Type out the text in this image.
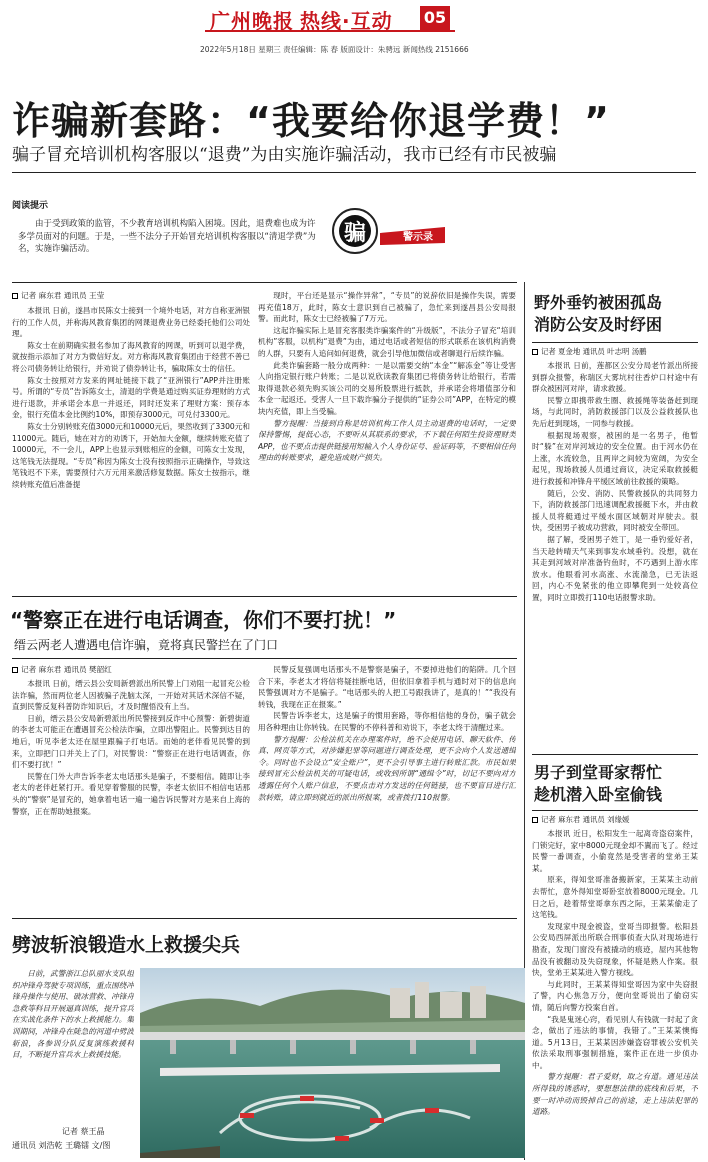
广州晚报 热线·互动 05
2022年5月18日 星期三 责任编辑：陈 春 版面设计：朱骋远 新闻热线 2151666
诈骗新套路：“我要给你退学费！”
骗子冒充培训机构客服以“退费”为由实施诈骗活动，我市已经有市民被骗
阅读提示
由于受到政策的监管，不少教育培训机构陷入困境。因此，退费难也成为许多学员面对的问题。于是，一些不法分子开始冒充培训机构客服以“清退学费”为名，实施诈骗活动。
骗	警示录
记者 麻东君 通讯员 王莹

本报讯 日前，遂昌市民陈女士接到一个境外电话，对方自称亚洲银行的工作人员，并称海风教育集团的网课退费业务已经委托他们公司处理。

陈女士在前期确实报名参加了海风教育的网课，听到可以退学费，就按指示添加了对方为微信好友。对方称海风教育集团由于经营不善已将公司债务转让给银行，并劝说了债券转让书，骗取陈女士的信任。

陈女士按照对方发来的网址链接下载了“亚洲银行”APP并注册账号。所谓的“专员”告诉陈女士，清退的学费是通过购买证券理财的方式进行退款，并承诺会本息一并返还，同时还发来了理财方案：预存本金，银行充值本金比例约10%，即预存3000元，可兑付3300元。

陈女士分别转账充值3000元和10000元后，果然收到了3300元和11000元。随后，她在对方的劝诱下，开始加大金额，继续转账充值了10000元，不一会儿，APP上也显示到账相应的金额，可陈女士发现，这笔钱无法提现。“专员”称因为陈女士没有按照指示正确操作，导致这笔钱迟不下来，需要预付六万元用来激活修复数据。陈女士按指示，继续转账充值后准备提

现时，平台还是显示“操作异常”，“专员”的说辞依旧是操作失误，需要再充值18万，此时，陈女士意识到自己被骗了，急忙来到遂昌县公安局报警。而此时，陈女士已经被骗了7万元。

这起诈骗实际上是冒充客服类诈骗案件的“升级版”，不法分子冒充“培训机构”客服，以机构“退费”为由，通过电话或者短信的形式联系在该机构消费的人群，只要有人追问如何退费，就会引导他加微信或者聊退行后续诈骗。

此类诈骗套路一般分成两种：一是以需要交纳“本金”“解冻金”等让受害人向指定银行账户转账；二是以说欣读教育集团已将债务转让给银行，若需取得退款必须先购买该公司的交易所股票进行抵款，并承诺会将增值部分和本金一起返还。受害人一旦下载诈骗分子提供的“证券公司”APP，在特定的模块内充值，即上当受骗。

警方提醒：当接到自称是培训机构工作人员主动退费的电话时，一定要保持警惕，提低心态，不要听从其联系的要求，不下载任何陌生投资理财类APP，也不要点击提供链接用短输入个人身份证号、验证码等，不要相信任何理由的转账要求，避免造成财产损失。

“警察正在进行电话调查，你们不要打扰！”
缙云两老人遭遇电信诈骗，竟将真民警拦在了门口
记者 麻东君 通讯员 樊韶红

本报讯 日前，缙云县公安局新碧派出所民警上门劝阻一起冒充公检法诈骗，然而两位老人因被骗子洗脑太深，一开始对其话术深信不疑，直到民警反复科普防诈知识后，才及时醒悟没有上当。

日前，缙云县公安局新碧派出所民警接到反诈中心预警：新碧街道的李老太可能正在遭遇冒充公检法诈骗，立即出警阻止。民警到达目的地后，听见李老太还在屋里跟骗子打电话。而她的老伴看见民警的到来，立即把门口并关上了门，对民警说：“警察正在进行电话调查，你们不要打扰！”

民警在门外大声告诉李老太电话那头是骗子，不要相信。随即让李老太的老伴赶紧打开。看见穿着警服的民警，李老太依旧不相信电话那头的“警察”是冒充的，她拿着电话一遍一遍告诉民警对方是来自上海的警察，正在帮助她报案。

民警反复强调电话那头不是警察是骗子，不要掉进他们的陷阱。几个回合下来，李老太才将信将疑挂断电话，但依旧拿着手机与通时对下的信息向民警强调对方不是骗子。“电话那头的人把工号跟我讲了，是真的！”“我没有转钱，我现在正在报案。”

民警告诉李老太，这是骗子的惯用套路，等你相信他的身份，骗子就会用各种理由让你转钱。在民警的不停科普和劝说下，李老太终于清醒过来。

警方提醒：公检法机关在办理案件时，绝不会使用电话、聊天软件、传真、网页等方式，对涉嫌犯罪等问题进行调查处理，更不会向个人发送通缉令。同时也不会设立“安全账户”，更不会引导事主进行转账汇款。市民如果接到冒充公检法机关的可疑电话，或收到所谓“通缉令”时，切记不要向对方透露任何个人账户信息，不要点击对方发送的任何链接，也不要盲目进行汇款转账，请立即到就近的派出所报案，或者拨打110报警。

劈波斩浪锻造水上救援尖兵
日前，武警浙江总队丽水支队组织冲锋舟驾驶专项训练，重点围绕冲锋舟操作与使用、破冰营救、冲锋舟急救等科目开展逼真训练，提升官兵在实战化条件下的水上救援能力。集训期间，冲锋舟在陡急的河道中劈波斩浪，各参训分队反复演练救援科目，不断提升官兵水上救援技能。
记者 蔡王晶
通讯员 刘浩乾 王璐镭 文/图
野外垂钓被困孤岛
消防公安及时纾困
记者 夏金地 通讯员 叶志明 汤鹏

本报讯 日前，莲都区公安分局老竹派出所接到群众报警，称瑞区大雾坑村往香炉口村途中有群众被困河对岸，请求救援。

民警立即携带救生圈、救援绳等装备赶到现场，与此同时，消防救援部门以及公益救援队也先后赶到现场，一同参与救援。

根据现场观察，被困的是一名男子，他暂时“躲”在对岸河域边的安全位置。由于河水仍在上涨，水流较急，且两岸之间较为宽阔，为安全起见，现场救援人员通过商议，决定采取救援艇进行救援和冲锋舟平缓区域前往救援的策略。

随后，公安、消防、民警救援队的共同努力下，消防救援部门迅速调配救援艇下水，并由救援人员将艇通过平缓水面区域朝对岸驶去。很快，受困男子被成功营救，同时被安全带回。

据了解，受困男子姓丁，是一垂钓爱好者，当天趁转晴天气来到事发水域垂钓。没想，就在其走到河域对岸准备钓鱼时，不巧遇到上游水库放水。他眼看河水高涨、水流湍急，已无法返回，内心不免紧张的他立即攀爬到一处较高位置，同时立即拨打110电话报警求助。

男子到堂哥家帮忙
趁机潜入卧室偷钱
记者 麻东君 通讯员 刘缘媛

本报讯 近日，松阳发生一起离奇盗窃案件，门锁完好，家中8000元现金却不翼而飞了。经过民警一番调查，小偷竟然是受害者的堂弟王某某。

原来，得知堂哥准备搬新家，王某某主动前去帮忙，意外得知堂哥卧室放着8000元现金。几日之后，趁着帮堂哥拿东西之际，王某某偷走了这笔钱。

发现家中现金被盗，堂哥当即报警。松阳县公安局西屏派出所联合刑事侦查大队对现场进行勘查，发现门窗没有被撬动的痕迹，屋内其他物品没有被翻动及失窃现象，怀疑是熟人作案。很快，堂弟王某某进入警方视线。

与此同时，王某某得知堂哥因为家中失窃报了警，内心焦急万分，便向堂哥说出了偷窃实情，随后向警方投案自首。

“我是鬼迷心窍，看见别人有钱就一时起了贪念，做出了违法的事情，我错了。”王某某懊悔道。5月13日，王某某因涉嫌盗窃罪被公安机关依法采取刑事强制措施，案件正在进一步侦办中。

警方提醒：君子爱财，取之有道。遇见违法所得钱的诱惑时，要想想法律的底线和后果，不要一时冲动而毁掉自己的前途，走上违法犯罪的道路。
